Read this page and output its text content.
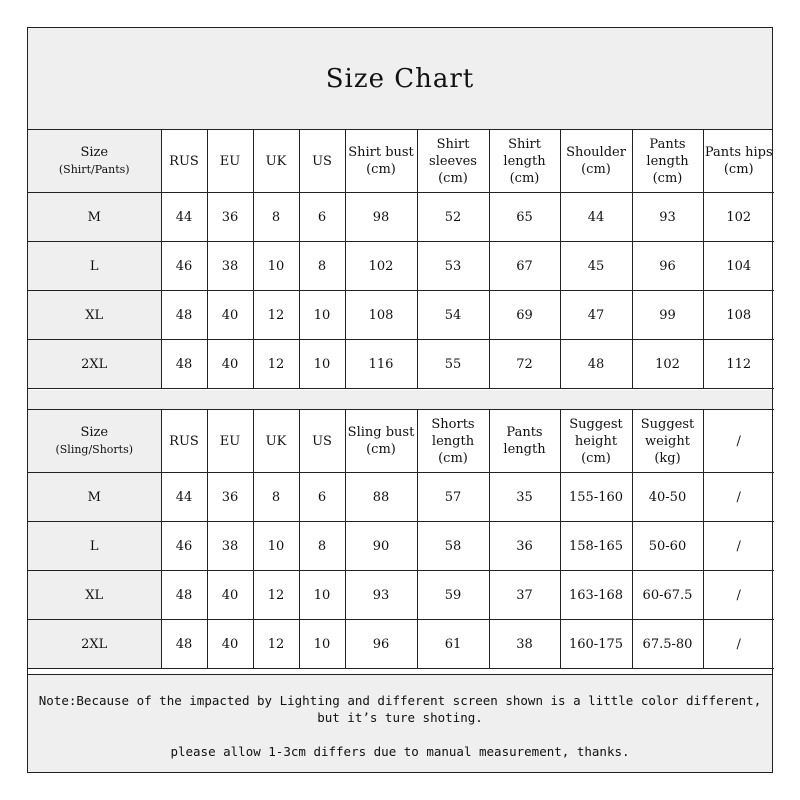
Size Chart
Size
(Shirt/Pants)	RUS	EU	UK	US	Shirt bust (cm)	Shirt sleeves (cm)	Shirt length (cm)	Shoulder (cm)	Pants length (cm)	Pants hips (cm)

M	44	36	8	6	98	52	65	44	93	102
L	46	38	10	8	102	53	67	45	96	104
XL	48	40	12	10	108	54	69	47	99	108
2XL	48	40	12	10	116	55	72	48	102	112
Size
(Sling/Shorts)	RUS	EU	UK	US	Sling bust (cm)	Shorts length (cm)	Pants length	Suggest height (cm)	Suggest weight (kg)	/

M	44	36	8	6	88	57	35	155-160	40-50	/
L	46	38	10	8	90	58	36	158-165	50-60	/
XL	48	40	12	10	93	59	37	163-168	60-67.5	/
2XL	48	40	12	10	96	61	38	160-175	67.5-80	/

Note:Because of the impacted by Lighting and different screen shown is a little color different, but it’s ture shoting.

please allow 1-3cm differs due to manual measurement, thanks.
